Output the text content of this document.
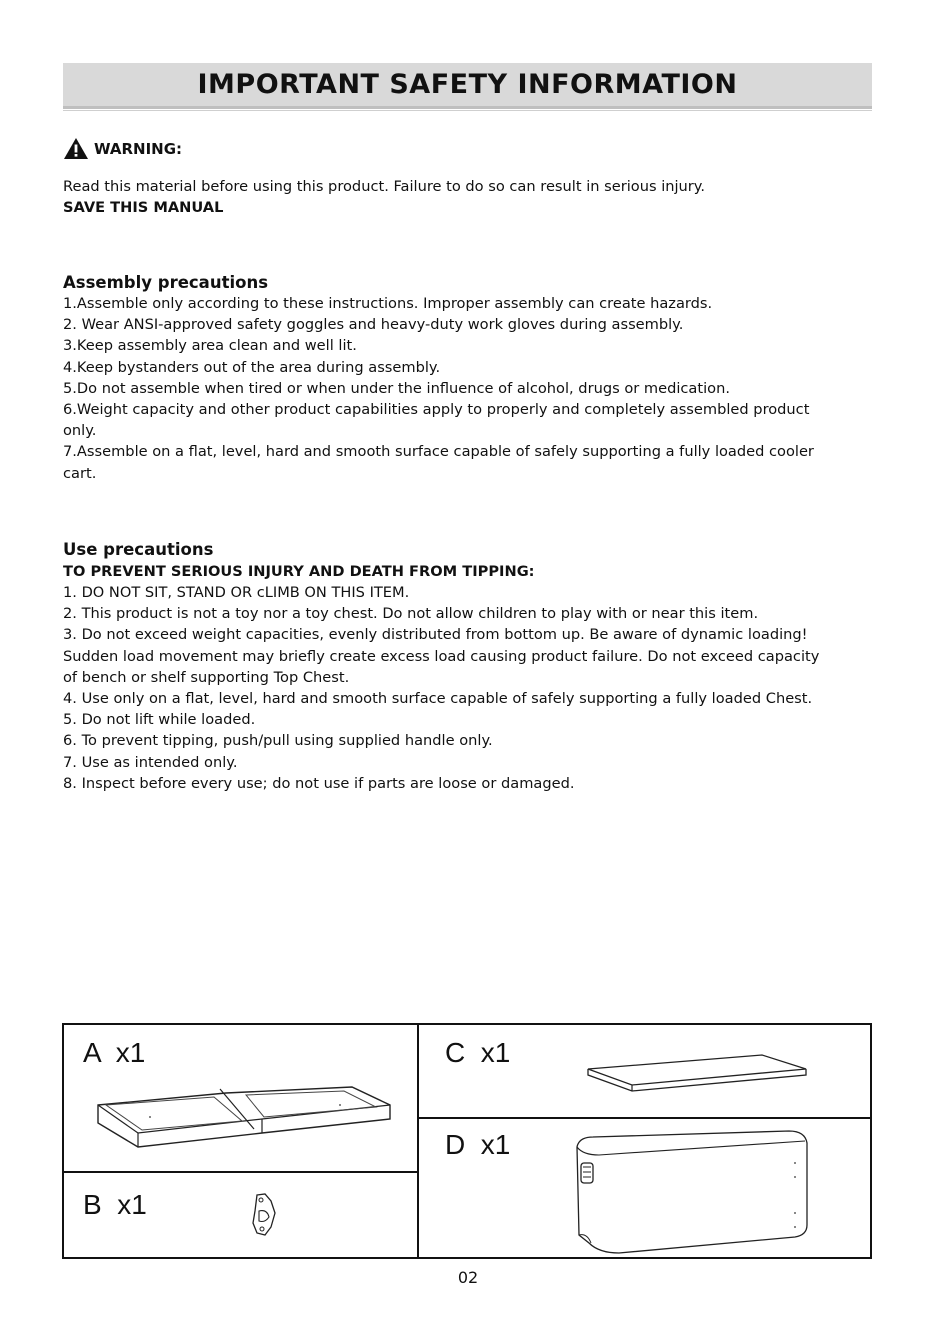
IMPORTANT SAFETY INFORMATION
WARNING:
Read this material before using this product. Failure to do so can result in serious injury.
SAVE THIS MANUAL
Assembly precautions

1.Assemble only according to these instructions. Improper assembly can create hazards.

2. Wear ANSI-approved safety goggles and heavy-duty work gloves during assembly.

3.Keep assembly area clean and well lit.

4.Keep bystanders out of the area during assembly.

5.Do not assemble when tired or when under the influence of alcohol, drugs or medication.

6.Weight capacity and other product capabilities apply to properly and completely assembled product

only.

7.Assemble on a flat, level, hard and smooth surface capable of safely supporting a fully loaded cooler

cart.

Use precautions
TO PREVENT SERIOUS INJURY AND DEATH FROM TIPPING:

1. DO NOT SIT, STAND OR cLIMB ON THIS ITEM.

2. This product is not a toy nor a toy chest. Do not allow children to play with or near this item.

3. Do not exceed weight capacities, evenly distributed from bottom up. Be aware of dynamic loading!

Sudden load movement may briefly create excess load causing product failure. Do not exceed capacity

of bench or shelf supporting Top Chest.

4. Use only on a flat, level, hard and smooth surface capable of safely supporting a fully loaded Chest.

5. Do not lift while loaded.

6. To prevent tipping, push/pull using supplied handle only.

7. Use as intended only.

8. Inspect before every use; do not use if parts are loose or damaged.

A  x1
B  x1
C  x1
D  x1
02
